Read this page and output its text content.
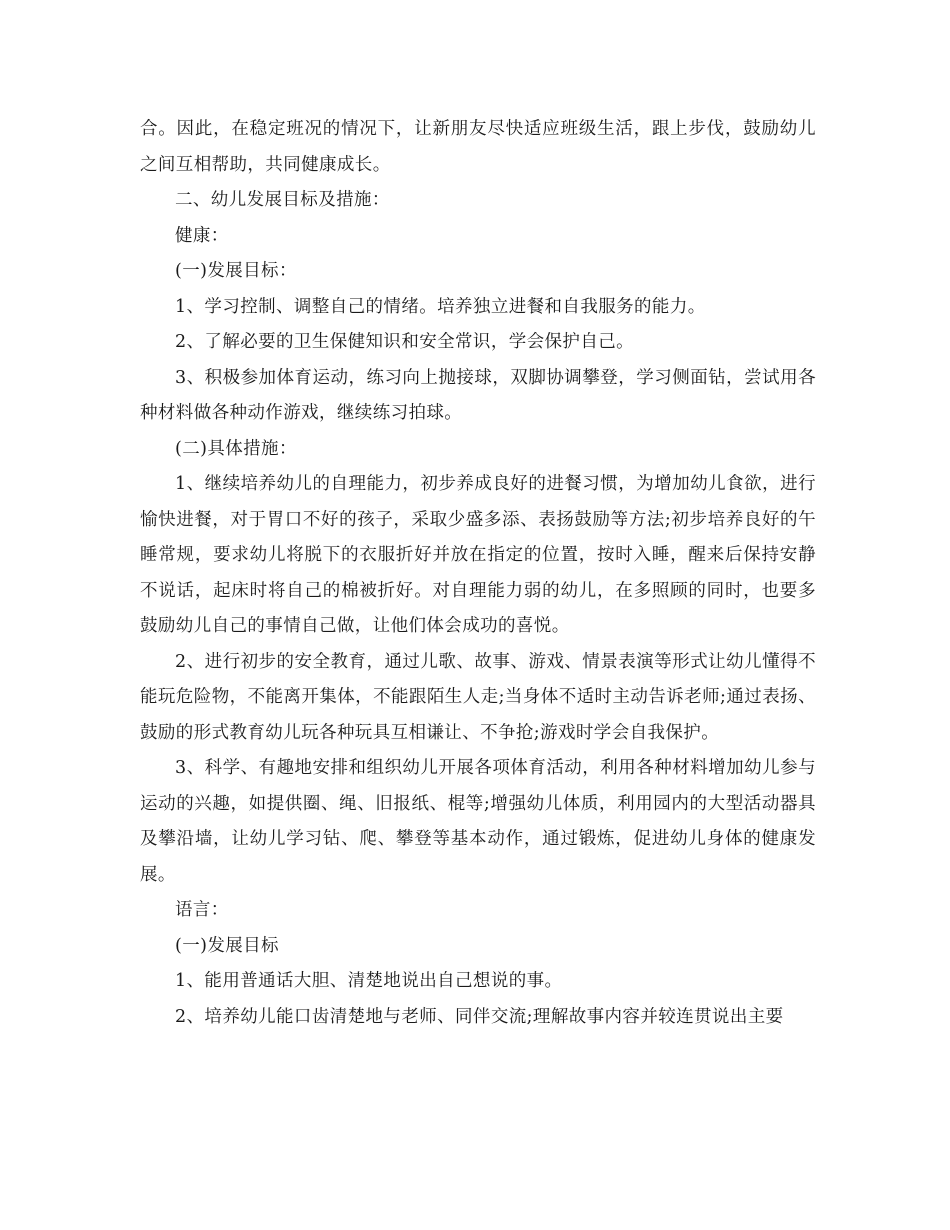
合。因此，在稳定班况的情况下，让新朋友尽快适应班级生活，跟上步伐，鼓励幼儿之间互相帮助，共同健康成长。

二、幼儿发展目标及措施：

健康：

(一)发展目标：

1、学习控制、调整自己的情绪。培养独立进餐和自我服务的能力。

2、了解必要的卫生保健知识和安全常识，学会保护自己。

3、积极参加体育运动，练习向上抛接球，双脚协调攀登，学习侧面钻，尝试用各种材料做各种动作游戏，继续练习拍球。

(二)具体措施：

1、继续培养幼儿的自理能力，初步养成良好的进餐习惯，为增加幼儿食欲，进行愉快进餐，对于胃口不好的孩子，采取少盛多添、表扬鼓励等方法;初步培养良好的午睡常规，要求幼儿将脱下的衣服折好并放在指定的位置，按时入睡，醒来后保持安静不说话，起床时将自己的棉被折好。对自理能力弱的幼儿，在多照顾的同时，也要多鼓励幼儿自己的事情自己做，让他们体会成功的喜悦。

2、进行初步的安全教育，通过儿歌、故事、游戏、情景表演等形式让幼儿懂得不能玩危险物，不能离开集体，不能跟陌生人走;当身体不适时主动告诉老师;通过表扬、鼓励的形式教育幼儿玩各种玩具互相谦让、不争抢;游戏时学会自我保护。

3、科学、有趣地安排和组织幼儿开展各项体育活动，利用各种材料增加幼儿参与运动的兴趣，如提供圈、绳、旧报纸、棍等;增强幼儿体质，利用园内的大型活动器具及攀沿墙，让幼儿学习钻、爬、攀登等基本动作，通过锻炼，促进幼儿身体的健康发展。

语言：

(一)发展目标

1、能用普通话大胆、清楚地说出自己想说的事。

2、培养幼儿能口齿清楚地与老师、同伴交流;理解故事内容并较连贯说出主要
